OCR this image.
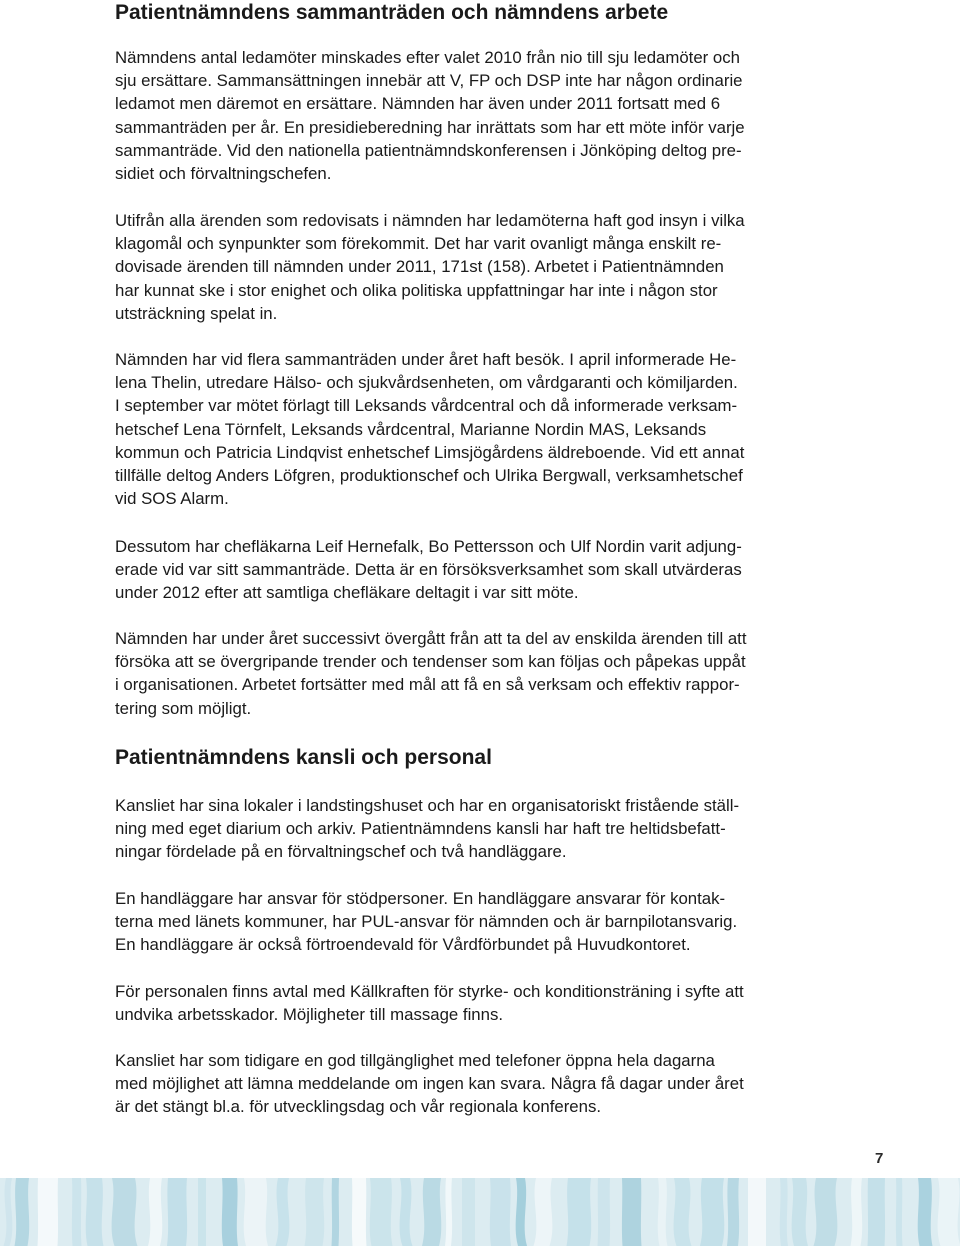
Patientnämndens sammanträden och nämndens arbete

Nämndens antal ledamöter minskades efter valet 2010 från nio till sju ledamöter och
sju ersättare. Sammansättningen innebär att V, FP och DSP inte har någon ordinarie
ledamot men däremot en ersättare. Nämnden har även under 2011 fortsatt med 6
sammanträden per år. En presidieberedning har inrättats som har ett möte inför varje
sammanträde. Vid den nationella patientnämndskonferensen i Jönköping deltog pre-
sidiet och förvaltningschefen.

Utifrån alla ärenden som redovisats i nämnden har ledamöterna haft god insyn i vilka
klagomål och synpunkter som förekommit. Det har varit ovanligt många enskilt re-
dovisade ärenden till nämnden under 2011, 171st (158). Arbetet i Patientnämnden
har kunnat ske i stor enighet och olika politiska uppfattningar har inte i någon stor
utsträckning spelat in.

Nämnden har vid flera sammanträden under året haft besök. I april informerade He-
lena Thelin, utredare Hälso- och sjukvårdsenheten, om vårdgaranti och kömiljarden.
I september var mötet förlagt till Leksands vårdcentral och då informerade verksam-
hetschef Lena Törnfelt, Leksands vårdcentral, Marianne Nordin MAS, Leksands
kommun och Patricia Lindqvist enhetschef Limsjögårdens äldreboende. Vid ett annat
tillfälle deltog Anders Löfgren, produktionschef och Ulrika Bergwall, verksamhetschef
vid SOS Alarm.

Dessutom har chefläkarna Leif Hernefalk, Bo Pettersson och Ulf Nordin varit adjung-
erade vid var sitt sammanträde. Detta är en försöksverksamhet som skall utvärderas
under 2012 efter att samtliga chefläkare deltagit i var sitt möte.

Nämnden har under året successivt övergått från att ta del av enskilda ärenden till att
försöka att se övergripande trender och tendenser som kan följas och påpekas uppåt
i organisationen. Arbetet fortsätter med mål att få en så verksam och effektiv rappor-
tering som möjligt.

Patientnämndens kansli och personal

Kansliet har sina lokaler i landstingshuset och har en organisatoriskt fristående ställ-
ning med eget diarium och arkiv. Patientnämndens kansli har haft tre heltidsbefatt-
ningar fördelade på en förvaltningschef och två handläggare.

En handläggare har ansvar för stödpersoner. En handläggare ansvarar för kontak-
terna med länets kommuner, har PUL-ansvar för nämnden och är barnpilotansvarig.
En handläggare är också förtroendevald för Vårdförbundet på Huvudkontoret.

För personalen finns avtal med Källkraften för styrke- och konditionsträning i syfte att
undvika arbetsskador. Möjligheter till massage finns.

Kansliet har som tidigare en god tillgänglighet med telefoner öppna hela dagarna
med möjlighet att lämna meddelande om ingen kan svara. Några få dagar under året
är det stängt bl.a. för utvecklingsdag och vår regionala konferens.

7
